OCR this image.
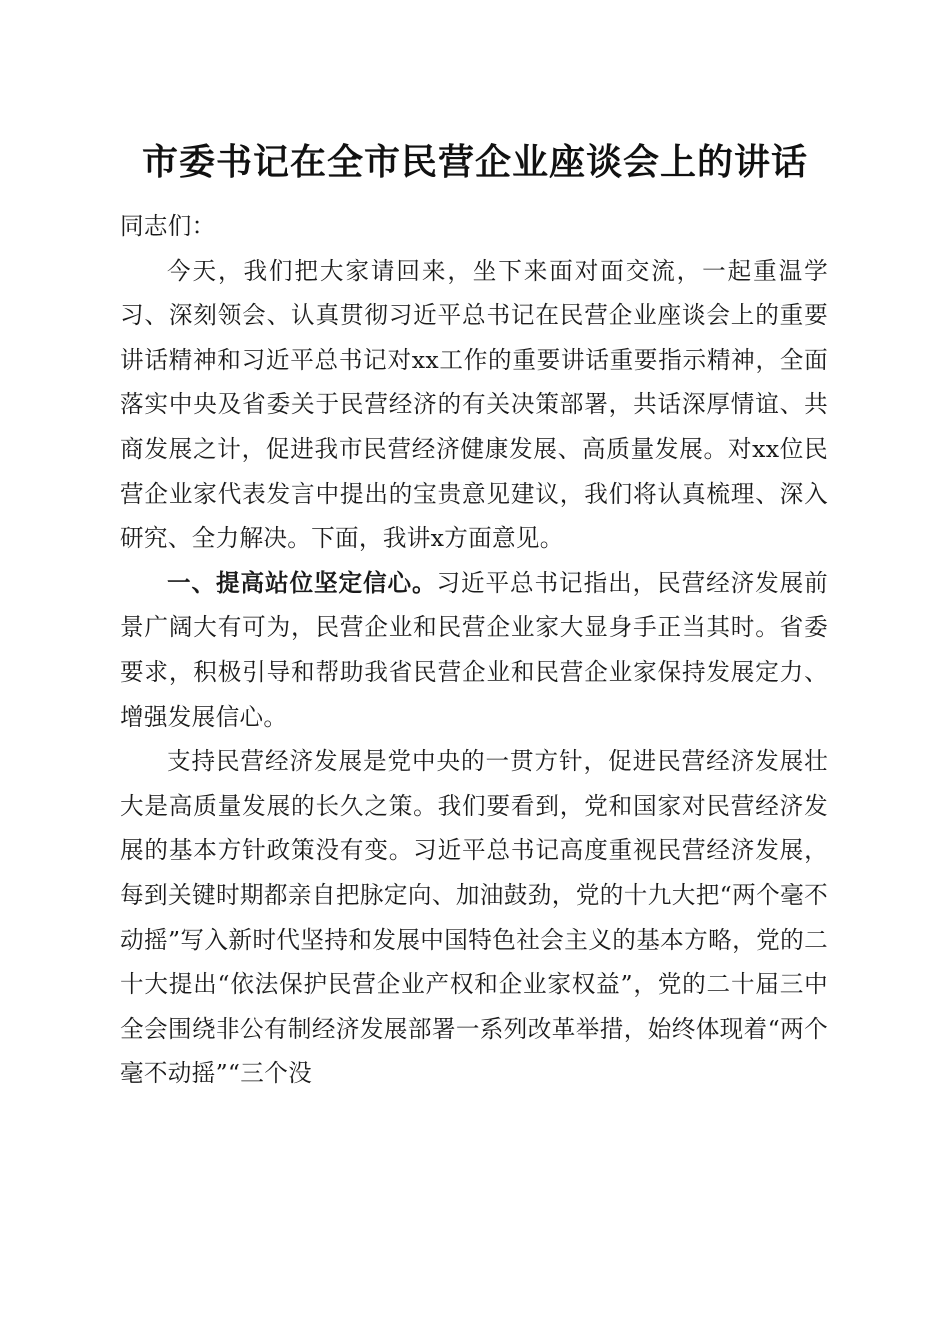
市委书记在全市民营企业座谈会上的讲话

同志们：

今天，我们把大家请回来，坐下来面对面交流，一起重温学习、深刻领会、认真贯彻习近平总书记在民营企业座谈会上的重要讲话精神和习近平总书记对xx工作的重要讲话重要指示精神，全面落实中央及省委关于民营经济的有关决策部署，共话深厚情谊、共商发展之计，促进我市民营经济健康发展、高质量发展。对xx位民营企业家代表发言中提出的宝贵意见建议，我们将认真梳理、深入研究、全力解决。下面，我讲x方面意见。

一、提高站位坚定信心。习近平总书记指出，民营经济发展前景广阔大有可为，民营企业和民营企业家大显身手正当其时。省委要求，积极引导和帮助我省民营企业和民营企业家保持发展定力、增强发展信心。

支持民营经济发展是党中央的一贯方针，促进民营经济发展壮大是高质量发展的长久之策。我们要看到，党和国家对民营经济发展的基本方针政策没有变。习近平总书记高度重视民营经济发展，每到关键时期都亲自把脉定向、加油鼓劲，党的十九大把“两个毫不动摇”写入新时代坚持和发展中国特色社会主义的基本方略，党的二十大提出“依法保护民营企业产权和企业家权益”，党的二十届三中全会围绕非公有制经济发展部署一系列改革举措，始终体现着“两个毫不动摇”“三个没
